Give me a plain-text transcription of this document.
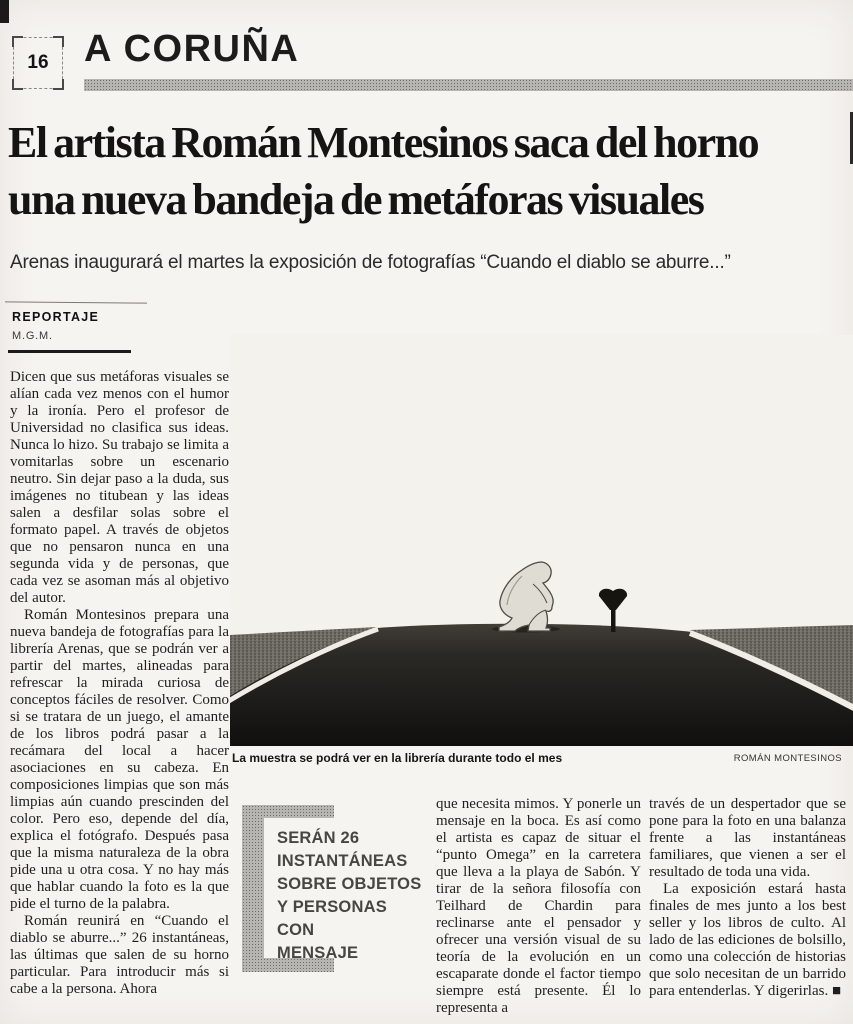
16 A CORUÑA
El artista Román Montesinos saca del horno
una nueva bandeja de metáforas visuales
Arenas inaugurará el martes la exposición de fotografías “Cuando el diablo se aburre...”
REPORTAJE
M.G.M.

Dicen que sus metáforas visuales se alían cada vez menos con el humor y la ironía. Pero el profesor de Universidad no clasifica sus ideas. Nunca lo hizo. Su trabajo se limita a vomitarlas sobre un escenario neutro. Sin dejar paso a la duda, sus imágenes no titubean y las ideas salen a desfilar solas sobre el formato papel. A través de objetos que no pensaron nunca en una segunda vida y de personas, que cada vez se asoman más al objetivo del autor.

Román Montesinos prepara una nueva bandeja de fotografías para la librería Arenas, que se podrán ver a partir del martes, alineadas para refrescar la mirada curiosa de conceptos fáciles de resolver. Como si se tratara de un juego, el amante de los libros podrá pasar a la recámara del local a hacer asociaciones en su cabeza. En composiciones limpias que son más limpias aún cuando prescinden del color. Pero eso, depende del día, explica el fotógrafo. Después pasa que la misma naturaleza de la obra pide una u otra cosa. Y no hay más que hablar cuando la foto es la que pide el turno de la palabra.

Román reunirá en “Cuando el diablo se aburre...” 26 instantáneas, las últimas que salen de su horno particular. Para introducir más si cabe a la persona. Ahora

La muestra se podrá ver en la librería durante todo el mes	ROMÁN MONTESINOS
SERÁN 26
INSTANTÁNEAS
SOBRE OBJETOS
Y PERSONAS CON
MENSAJE

que necesita mimos. Y ponerle un mensaje en la boca. Es así como el artista es capaz de situar el “punto Omega” en la carretera que lleva a la playa de Sabón. Y tirar de la señora filosofía con Teilhard de Chardin para reclinarse ante el pensador y ofrecer una versión visual de su teoría de la evolución en un escaparate donde el factor tiempo siempre está presente. Él lo representa a

través de un despertador que se pone para la foto en una balanza frente a las instantáneas familiares, que vienen a ser el resultado de toda una vida.

La exposición estará hasta finales de mes junto a los best seller y los libros de culto. Al lado de las ediciones de bolsillo, como una colección de historias que solo necesitan de un barrido para entenderlas. Y digerirlas. ■
